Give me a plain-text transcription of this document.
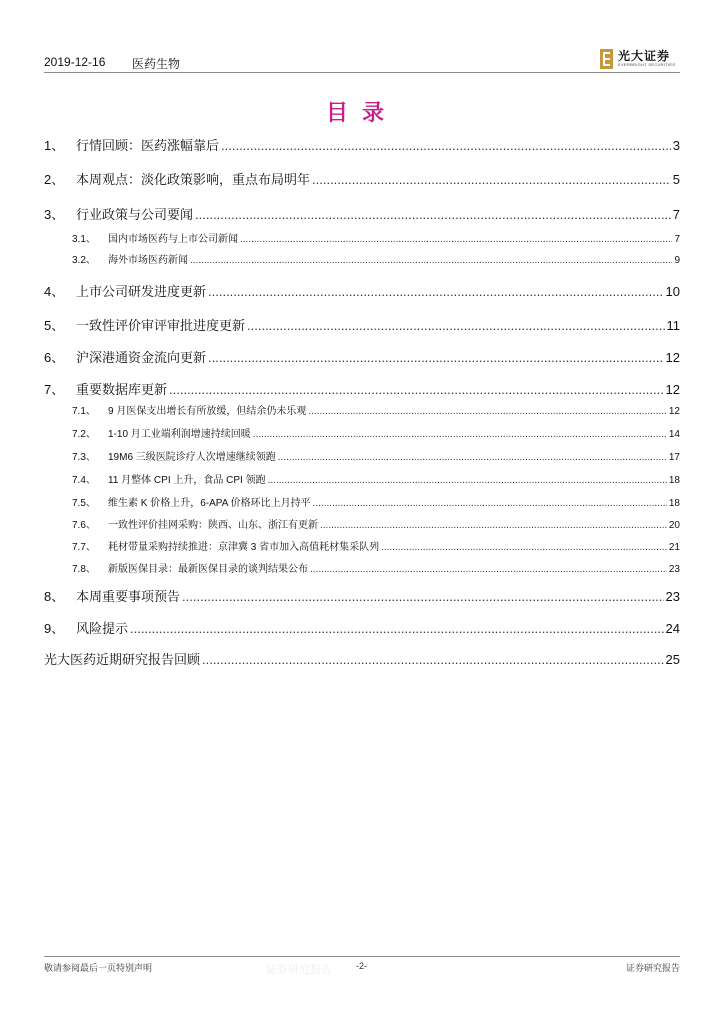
2019-12-16 医药生物
光大证券
EVERBRIGHT SECURITIES
目录
1、 行情回顾：医药涨幅靠后 .....	3
2、 本周观点：淡化政策影响，重点布局明年 .....	5
3、 行业政策与公司要闻 .....	7
3.1、	国内市场医药与上市公司新闻 .....	7
3.2、	海外市场医药新闻 .....	9
4、 上市公司研发进度更新 .....	10
5、 一致性评价审评审批进度更新 .....	11
6、 沪深港通资金流向更新 .....	12
7、 重要数据库更新 .....	12
7.1、	9 月医保支出增长有所放缓，但结余仍未乐观 .....	12
7.2、	1-10 月工业端利润增速持续回暖 .....	14
7.3、	19M6 三级医院诊疗人次增速继续领跑 .....	17
7.4、	11 月整体 CPI 上升，食品 CPI 领跑 .....	18
7.5、	维生素 K 价格上升，6-APA 价格环比上月持平 .....	18
7.6、	一致性评价挂网采购：陕西、山东、浙江有更新 .....	20
7.7、	耗材带量采购持续推进：京津冀 3 省市加入高值耗材集采队列 .....	21
7.8、	新版医保目录：最新医保目录的谈判结果公布 .....	23
8、 本周重要事项预告 .....	23
9、 风险提示 .....	24
光大医药近期研究报告回顾 .....	25
敬请参阅最后一页特别声明	证券研究报告	-2-	证券研究报告
